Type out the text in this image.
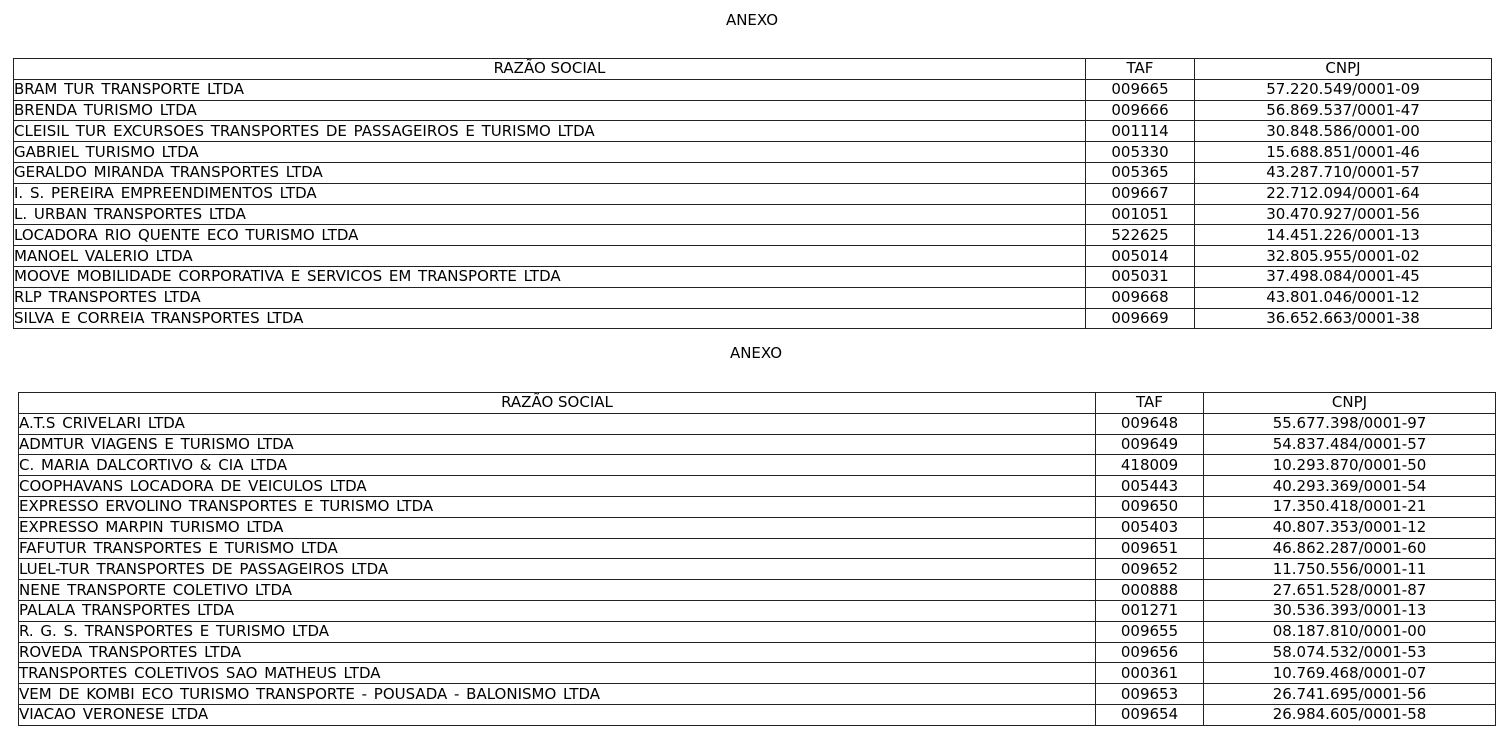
ANEXO
RAZÃO SOCIAL	TAF	CNPJ
BRAM TUR TRANSPORTE LTDA	009665	57.220.549/0001-09
BRENDA TURISMO LTDA	009666	56.869.537/0001-47
CLEISIL TUR EXCURSOES TRANSPORTES DE PASSAGEIROS E TURISMO LTDA	001114	30.848.586/0001-00
GABRIEL TURISMO LTDA	005330	15.688.851/0001-46
GERALDO MIRANDA TRANSPORTES LTDA	005365	43.287.710/0001-57
I. S. PEREIRA EMPREENDIMENTOS LTDA	009667	22.712.094/0001-64
L. URBAN TRANSPORTES LTDA	001051	30.470.927/0001-56
LOCADORA RIO QUENTE ECO TURISMO LTDA	522625	14.451.226/0001-13
MANOEL VALERIO LTDA	005014	32.805.955/0001-02
MOOVE MOBILIDADE CORPORATIVA E SERVICOS EM TRANSPORTE LTDA	005031	37.498.084/0001-45
RLP TRANSPORTES LTDA	009668	43.801.046/0001-12
SILVA E CORREIA TRANSPORTES LTDA	009669	36.652.663/0001-38
ANEXO
RAZÃO SOCIAL	TAF	CNPJ
A.T.S CRIVELARI LTDA	009648	55.677.398/0001-97
ADMTUR VIAGENS E TURISMO LTDA	009649	54.837.484/0001-57
C. MARIA DALCORTIVO & CIA LTDA	418009	10.293.870/0001-50
COOPHAVANS LOCADORA DE VEICULOS LTDA	005443	40.293.369/0001-54
EXPRESSO ERVOLINO TRANSPORTES E TURISMO LTDA	009650	17.350.418/0001-21
EXPRESSO MARPIN TURISMO LTDA	005403	40.807.353/0001-12
FAFUTUR TRANSPORTES E TURISMO LTDA	009651	46.862.287/0001-60
LUEL-TUR TRANSPORTES DE PASSAGEIROS LTDA	009652	11.750.556/0001-11
NENE TRANSPORTE COLETIVO LTDA	000888	27.651.528/0001-87
PALALA TRANSPORTES LTDA	001271	30.536.393/0001-13
R. G. S. TRANSPORTES E TURISMO LTDA	009655	08.187.810/0001-00
ROVEDA TRANSPORTES LTDA	009656	58.074.532/0001-53
TRANSPORTES COLETIVOS SAO MATHEUS LTDA	000361	10.769.468/0001-07
VEM DE KOMBI ECO TURISMO TRANSPORTE - POUSADA - BALONISMO LTDA	009653	26.741.695/0001-56
VIACAO VERONESE LTDA	009654	26.984.605/0001-58
